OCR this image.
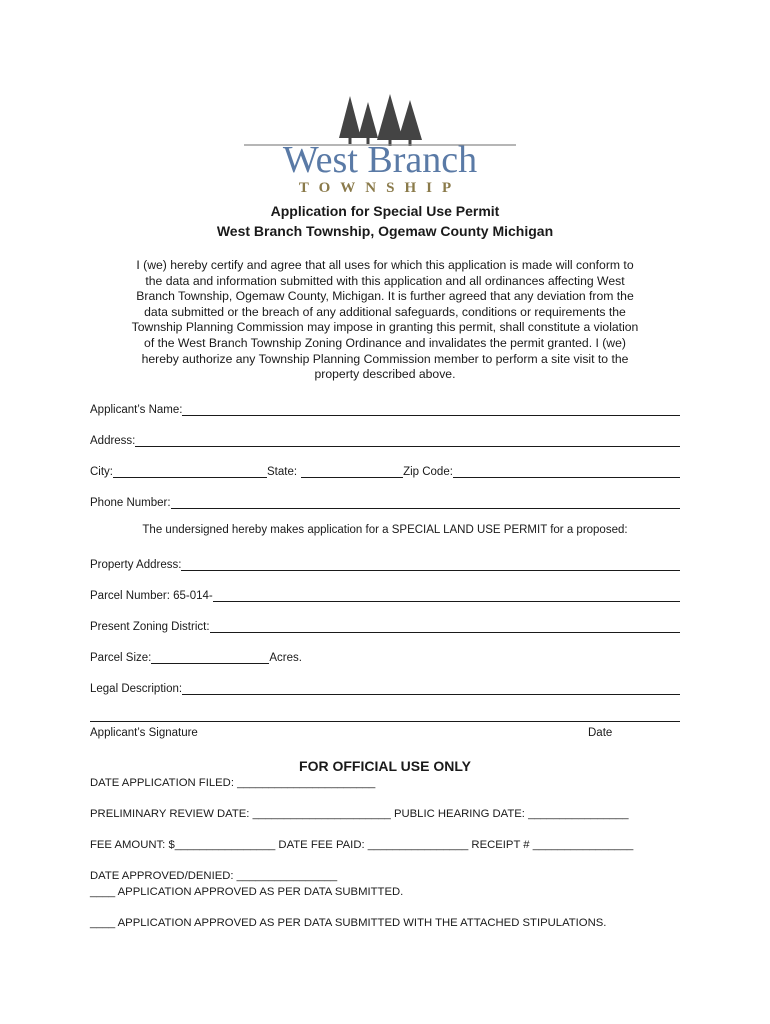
West Branch
TOWNSHIP
Application for Special Use Permit
West Branch Township, Ogemaw County Michigan
I (we) hereby certify and agree that all uses for which this application is made will conform to
the data and information submitted with this application and all ordinances affecting West
Branch Township, Ogemaw County, Michigan. It is further agreed that any deviation from the
data submitted or the breach of any additional safeguards, conditions or requirements the
Township Planning Commission may impose in granting this permit, shall constitute a violation
of the West Branch Township Zoning Ordinance and invalidates the permit granted. I (we)
hereby authorize any Township Planning Commission member to perform a site visit to the
property described above.
Applicant’s Name:
Address:
City:	State:	Zip Code:
Phone Number:
The undersigned hereby makes application for a SPECIAL LAND USE PERMIT for a proposed:
Property Address:
Parcel Number: 65-014-
Present Zoning District:
Parcel Size:	Acres.
Legal Description:
Applicant’s Signature	Date
FOR OFFICIAL USE ONLY
DATE APPLICATION FILED: ______________________
PRELIMINARY REVIEW DATE: ______________________ PUBLIC HEARING DATE: ________________
FEE AMOUNT: $________________ DATE FEE PAID: ________________ RECEIPT # ________________
DATE APPROVED/DENIED: ________________
____ APPLICATION APPROVED AS PER DATA SUBMITTED.
____ APPLICATION APPROVED AS PER DATA SUBMITTED WITH THE ATTACHED STIPULATIONS.
